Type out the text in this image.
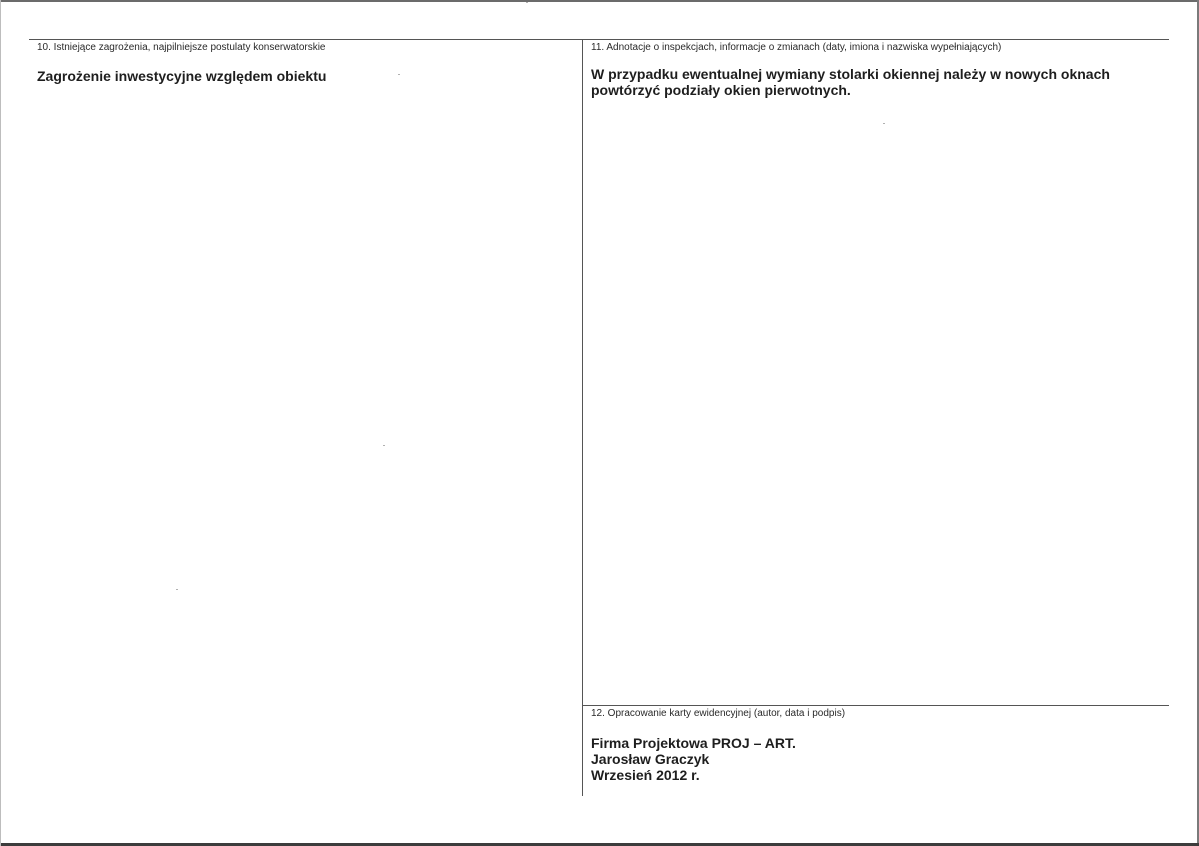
10. Istniejące zagrożenia, najpilniejsze postulaty konserwatorskie
Zagrożenie inwestycyjne względem obiektu
11. Adnotacje o inspekcjach, informacje o zmianach (daty, imiona i nazwiska wypełniających)
W przypadku ewentualnej wymiany stolarki okiennej należy w nowych oknach
powtórzyć podziały okien pierwotnych.
12. Opracowanie karty ewidencyjnej (autor, data i podpis)
Firma Projektowa PROJ – ART.
Jarosław Graczyk
Wrzesień 2012 r.
